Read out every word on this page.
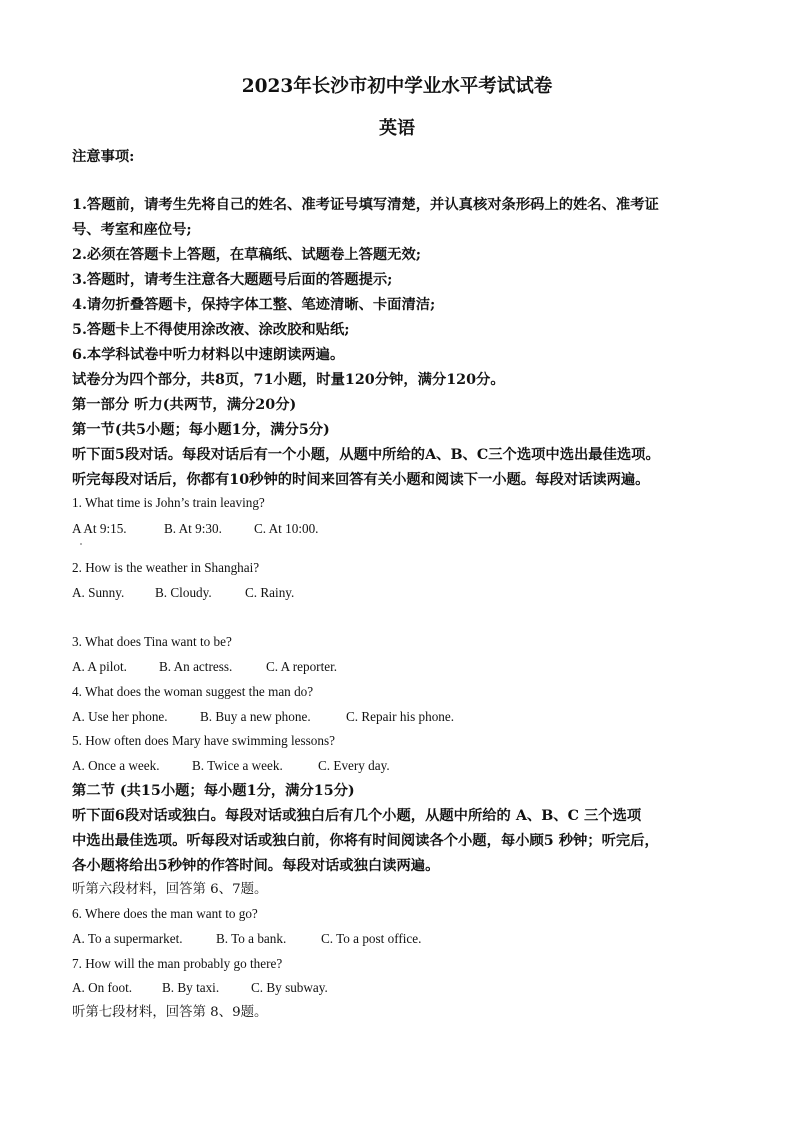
2023年长沙市初中学业水平考试试卷
英语
注意事项:
1.答题前，请考生先将自己的姓名、准考证号填写清楚，并认真核对条形码上的姓名、准考证
号、考室和座位号;
2.必须在答题卡上答题，在草稿纸、试题卷上答题无效;
3.答题时，请考生注意各大题题号后面的答题提示;
4.请勿折叠答题卡，保持字体工整、笔迹清晰、卡面清洁;
5.答题卡上不得使用涂改液、涂改胶和贴纸;
6.本学科试卷中听力材料以中速朗读两遍。
试卷分为四个部分，共8页，71小题，时量120分钟，满分120分。
第一部分 听力(共两节，满分20分)
第一节(共5小题；每小题1分，满分5分)
听下面5段对话。每段对话后有一个小题，从题中所给的A、B、C三个选项中选出最佳选项。
听完每段对话后，你都有10秒钟的时间来回答有关小题和阅读下一小题。每段对话读两遍。
1. What time is John’s train leaving?
A At 9:15.	B. At 9:30. C. At 10:00.
2. How is the weather in Shanghai?
A. Sunny. B. Cloudy.	C. Rainy.
3. What does Tina want to be?
A. A pilot. B. An actress.	C. A reporter.
4. What does the woman suggest the man do?
A. Use her phone. B. Buy a new phone.	C. Repair his phone.
5. How often does Mary have swimming lessons?
A. Once a week. B. Twice a week.	C. Every day.
第二节 (共15小题；每小题1分，满分15分)
听下面6段对话或独白。每段对话或独白后有几个小题，从题中所给的 A、B、C 三个选项
中选出最佳选项。听每段对话或独白前，你将有时间阅读各个小题，每小顾5 秒钟；听完后，
各小题将给出5秒钟的作答时间。每段对话或独白读两遍。
听第六段材料，回答第 6、7题。
6. Where does the man want to go?
A. To a supermarket.	B. To a bank.	C. To a post office.
7. How will the man probably go there?
A. On foot. B. By taxi. C. By subway.
听第七段材料，回答第 8、9题。
